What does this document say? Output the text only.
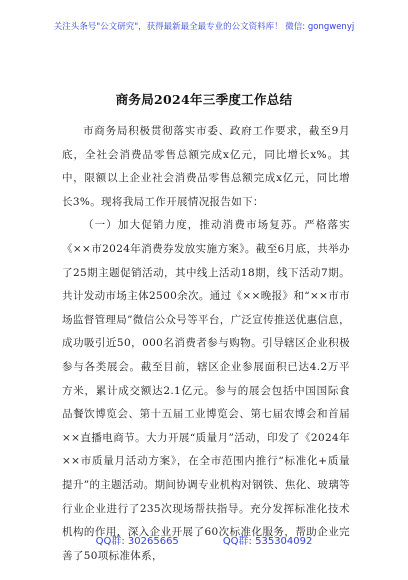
关注头条号"公文研究"，获得最新最全最专业的公文资料库！ 微信: gongwenyj
商务局2024年三季度工作总结

市商务局积极贯彻落实市委、政府工作要求，截至9月底，全社会消费品零售总额完成x亿元，同比增长x%。其中，限额以上企业社会消费品零售总额完成x亿元，同比增长3%。现将我局工作开展情况报告如下：

（一）加大促销力度，推动消费市场复苏。严格落实《××市2024年消费券发放实施方案》。截至6月底，共举办了25期主题促销活动，其中线上活动18期，线下活动7期。共计发动市场主体2500余次。通过《××晚报》和“××市市场监督管理局”微信公众号等平台，广泛宣传推送优惠信息，成功吸引近50，000名消费者参与购物。引导辖区企业积极参与各类展会。截至目前，辖区企业参展面积已达4.2万平方米，累计成交额达2.1亿元。参与的展会包括中国国际食品餐饮博览会、第十五届工业博览会、第七届农博会和首届××直播电商节。大力开展“质量月”活动，印发了《2024年××市质量月活动方案》，在全市范围内推行“标准化+质量提升”的主题活动。期间协调专业机构对钢铁、焦化、玻璃等行业企业进行了235次现场帮扶指导。充分发挥标准化技术机构的作用，深入企业开展了60次标准化服务，帮助企业完善了50项标准体系，

QQ群: 30265665	QQ群: 535304092
